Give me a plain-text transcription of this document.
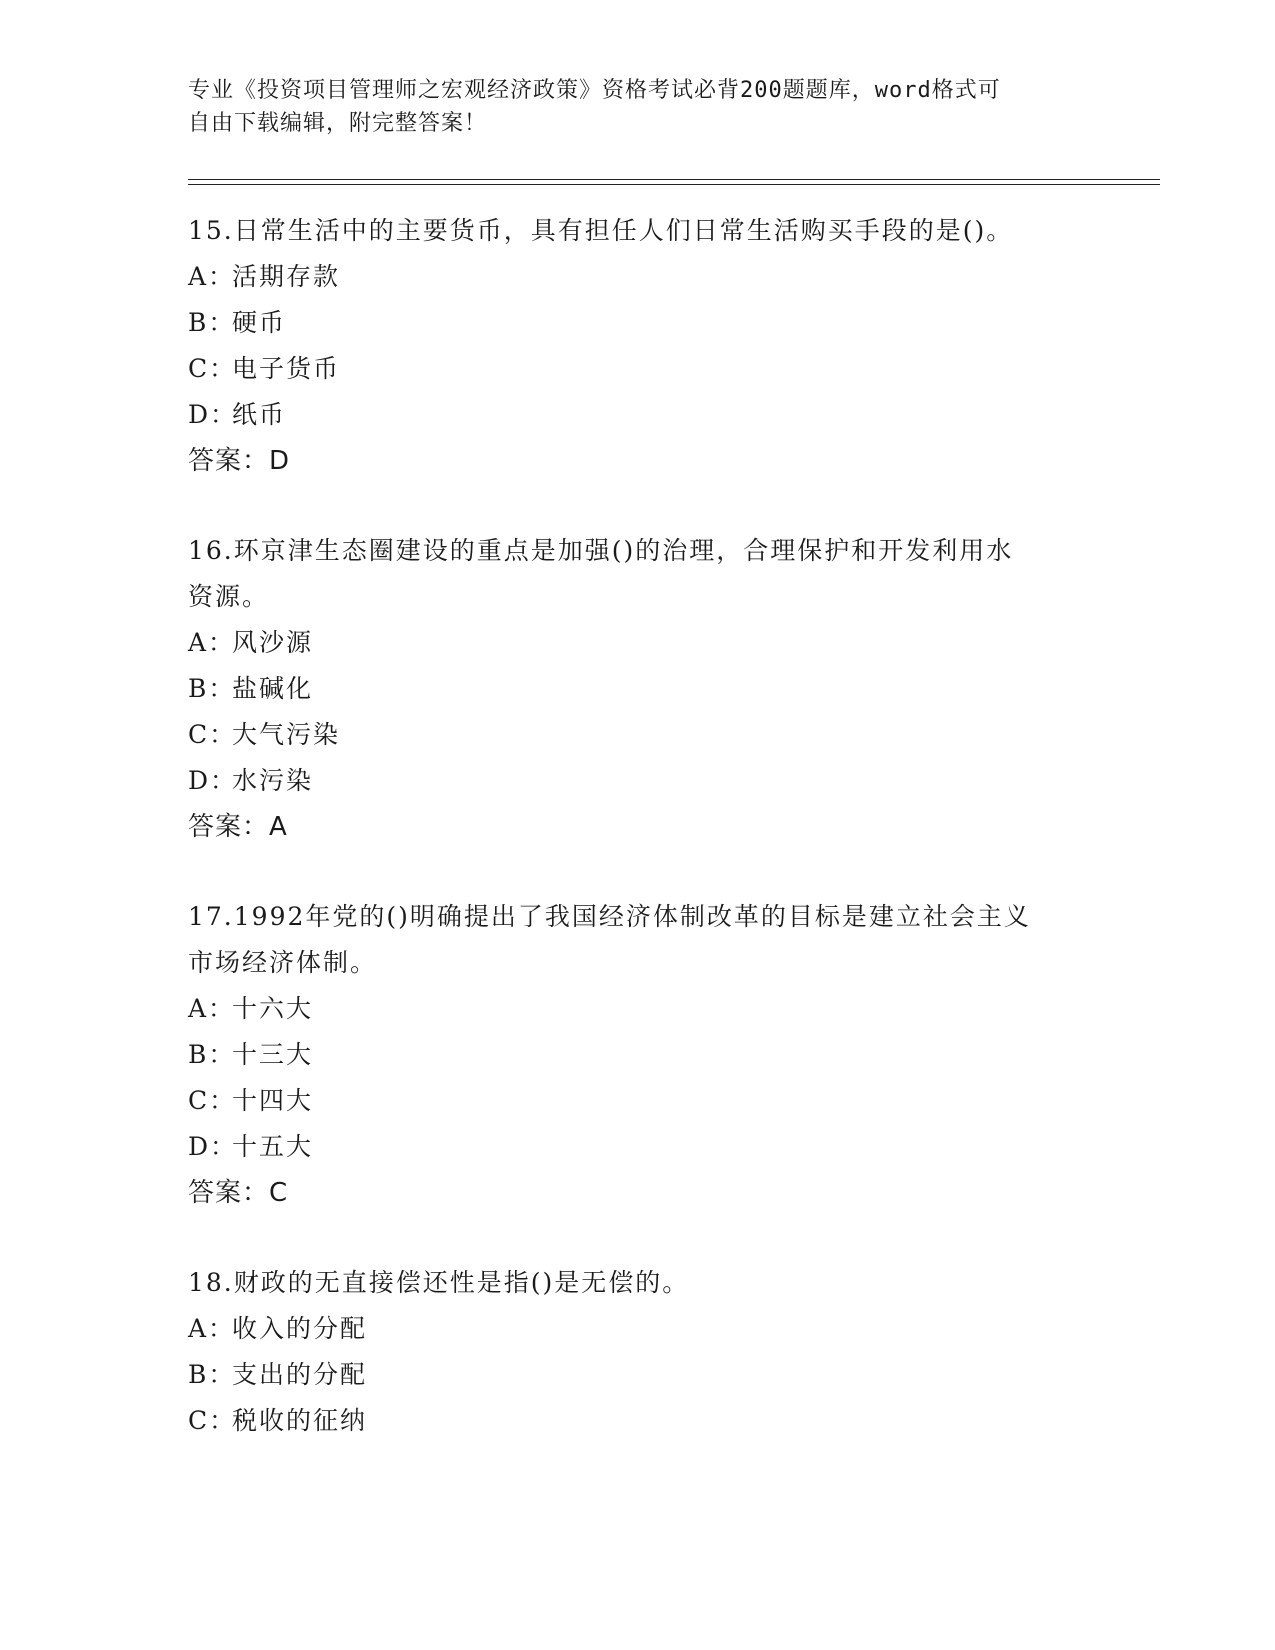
专业《投资项目管理师之宏观经济政策》资格考试必背200题题库，word格式可
自由下载编辑，附完整答案！
15.日常生活中的主要货币，具有担任人们日常生活购买手段的是()。
A：活期存款
B：硬币
C：电子货币
D：纸币
答案：D
16.环京津生态圈建设的重点是加强()的治理，合理保护和开发利用水
资源。
A：风沙源
B：盐碱化
C：大气污染
D：水污染
答案：A
17.1992年党的()明确提出了我国经济体制改革的目标是建立社会主义
市场经济体制。
A：十六大
B：十三大
C：十四大
D：十五大
答案：C
18.财政的无直接偿还性是指()是无偿的。
A：收入的分配
B：支出的分配
C：税收的征纳
